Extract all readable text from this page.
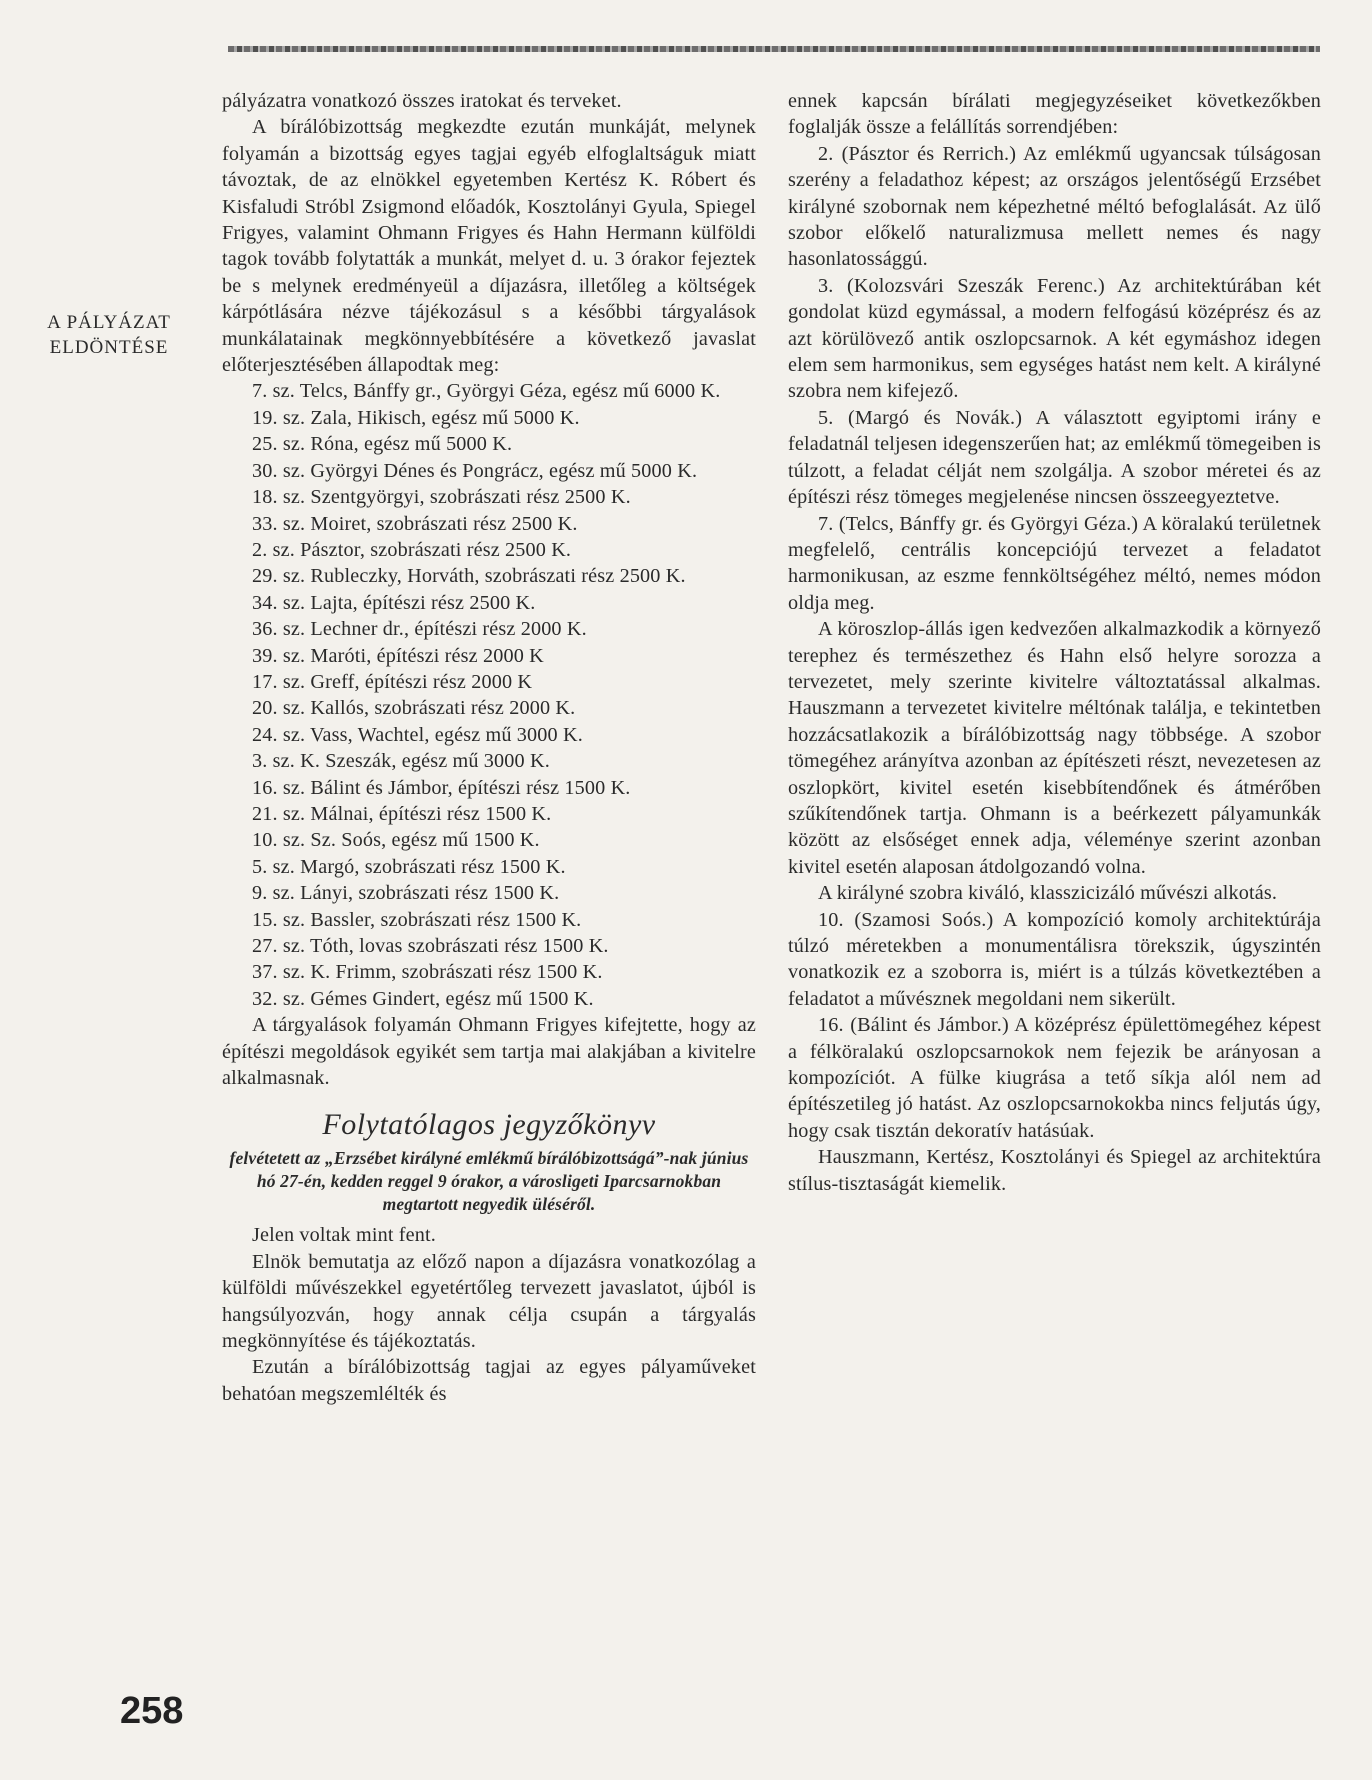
A PÁLYÁZAT
ELDÖNTÉSE
258

pályázatra vonatkozó összes iratokat és terveket.

A bírálóbizottság megkezdte ezután munkáját, melynek folyamán a bizottság egyes tagjai egyéb elfoglaltságuk miatt távoztak, de az elnökkel egyetemben Kertész K. Róbert és Kisfaludi Stróbl Zsigmond előadók, Kosztolányi Gyula, Spiegel Frigyes, valamint Ohmann Frigyes és Hahn Hermann külföldi tagok tovább folytatták a munkát, melyet d. u. 3 órakor fejeztek be s melynek eredményeül a díjazásra, illetőleg a költségek kárpótlására nézve tájékozásul s a későbbi tárgyalások munkálatainak megkönnyebbítésére a következő javaslat előterjesztésében állapodtak meg:

7. sz. Telcs, Bánffy gr., Györgyi Géza, egész mű 6000 K.

19. sz. Zala, Hikisch, egész mű 5000 K.

25. sz. Róna, egész mű 5000 K.

30. sz. Györgyi Dénes és Pongrácz, egész mű 5000 K.

18. sz. Szentgyörgyi, szobrászati rész 2500 K.

33. sz. Moiret, szobrászati rész 2500 K.

2. sz. Pásztor, szobrászati rész 2500 K.

29. sz. Rubleczky, Horváth, szobrászati rész 2500 K.

34. sz. Lajta, építészi rész 2500 K.

36. sz. Lechner dr., építészi rész 2000 K.

39. sz. Maróti, építészi rész 2000 K

17. sz. Greff, építészi rész 2000 K

20. sz. Kallós, szobrászati rész 2000 K.

24. sz. Vass, Wachtel, egész mű 3000 K.

3. sz. K. Szeszák, egész mű 3000 K.

16. sz. Bálint és Jámbor, építészi rész 1500 K.

21. sz. Málnai, építészi rész 1500 K.

10. sz. Sz. Soós, egész mű 1500 K.

5. sz. Margó, szobrászati rész 1500 K.

9. sz. Lányi, szobrászati rész 1500 K.

15. sz. Bassler, szobrászati rész 1500 K.

27. sz. Tóth, lovas szobrászati rész 1500 K.

37. sz. K. Frimm, szobrászati rész 1500 K.

32. sz. Gémes Gindert, egész mű 1500 K.

A tárgyalások folyamán Ohmann Frigyes kifejtette, hogy az építészi megoldások egyikét sem tartja mai alakjában a kivitelre alkalmasnak.

Folytatólagos jegyzőkönyv
felvétetett az „Erzsébet királyné emlékmű bírálóbizottságá”-nak június hó 27-én, kedden reggel 9 órakor, a városligeti Iparcsarnokban megtartott negyedik üléséről.

Jelen voltak mint fent.

Elnök bemutatja az előző napon a díjazásra vonatkozólag a külföldi művészekkel egyetértőleg tervezett javaslatot, újból is hangsúlyozván, hogy annak célja csupán a tárgyalás megkönnyítése és tájékoztatás.

Ezután a bírálóbizottság tagjai az egyes pályaműveket behatóan megszemlélték és

ennek kapcsán bírálati megjegyzéseiket következőkben foglalják össze a felállítás sorrendjében:

2. (Pásztor és Rerrich.) Az emlékmű ugyancsak túlságosan szerény a feladathoz képest; az országos jelentőségű Erzsébet királyné szobornak nem képezhetné méltó befoglalását. Az ülő szobor előkelő naturalizmusa mellett nemes és nagy hasonlatossággú.

3. (Kolozsvári Szeszák Ferenc.) Az architektúrában két gondolat küzd egymással, a modern felfogású középrész és az azt körülövező antik oszlopcsarnok. A két egymáshoz idegen elem sem harmonikus, sem egységes hatást nem kelt. A királyné szobra nem kifejező.

5. (Margó és Novák.) A választott egyiptomi irány e feladatnál teljesen idegenszerűen hat; az emlékmű tömegeiben is túlzott, a feladat célját nem szolgálja. A szobor méretei és az építészi rész tömeges megjelenése nincsen összeegyeztetve.

7. (Telcs, Bánffy gr. és Györgyi Géza.) A köralakú területnek megfelelő, centrális koncepciójú tervezet a feladatot harmonikusan, az eszme fennköltségéhez méltó, nemes módon oldja meg.

A köroszlop-állás igen kedvezően alkalmazkodik a környező terephez és természethez és Hahn első helyre sorozza a tervezetet, mely szerinte kivitelre változtatással alkalmas. Hauszmann a tervezetet kivitelre méltónak találja, e tekintetben hozzácsatlakozik a bírálóbizottság nagy többsége. A szobor tömegéhez arányítva azonban az építészeti részt, nevezetesen az oszlopkört, kivitel esetén kisebbítendőnek és átmérőben szűkítendőnek tartja. Ohmann is a beérkezett pályamunkák között az elsőséget ennek adja, véleménye szerint azonban kivitel esetén alaposan átdolgozandó volna.

A királyné szobra kiváló, klasszicizáló művészi alkotás.

10. (Szamosi Soós.) A kompozíció komoly architektúrája túlzó méretekben a monumentálisra törekszik, úgyszintén vonatkozik ez a szoborra is, miért is a túlzás következtében a feladatot a művésznek megoldani nem sikerült.

16. (Bálint és Jámbor.) A középrész épülettömegéhez képest a félköralakú oszlopcsarnokok nem fejezik be arányosan a kompozíciót. A fülke kiugrása a tető síkja alól nem ad építészetileg jó hatást. Az oszlopcsarnokokba nincs feljutás úgy, hogy csak tisztán dekoratív hatásúak.

Hauszmann, Kertész, Kosztolányi és Spiegel az architektúra stílus-tisztaságát kiemelik.
